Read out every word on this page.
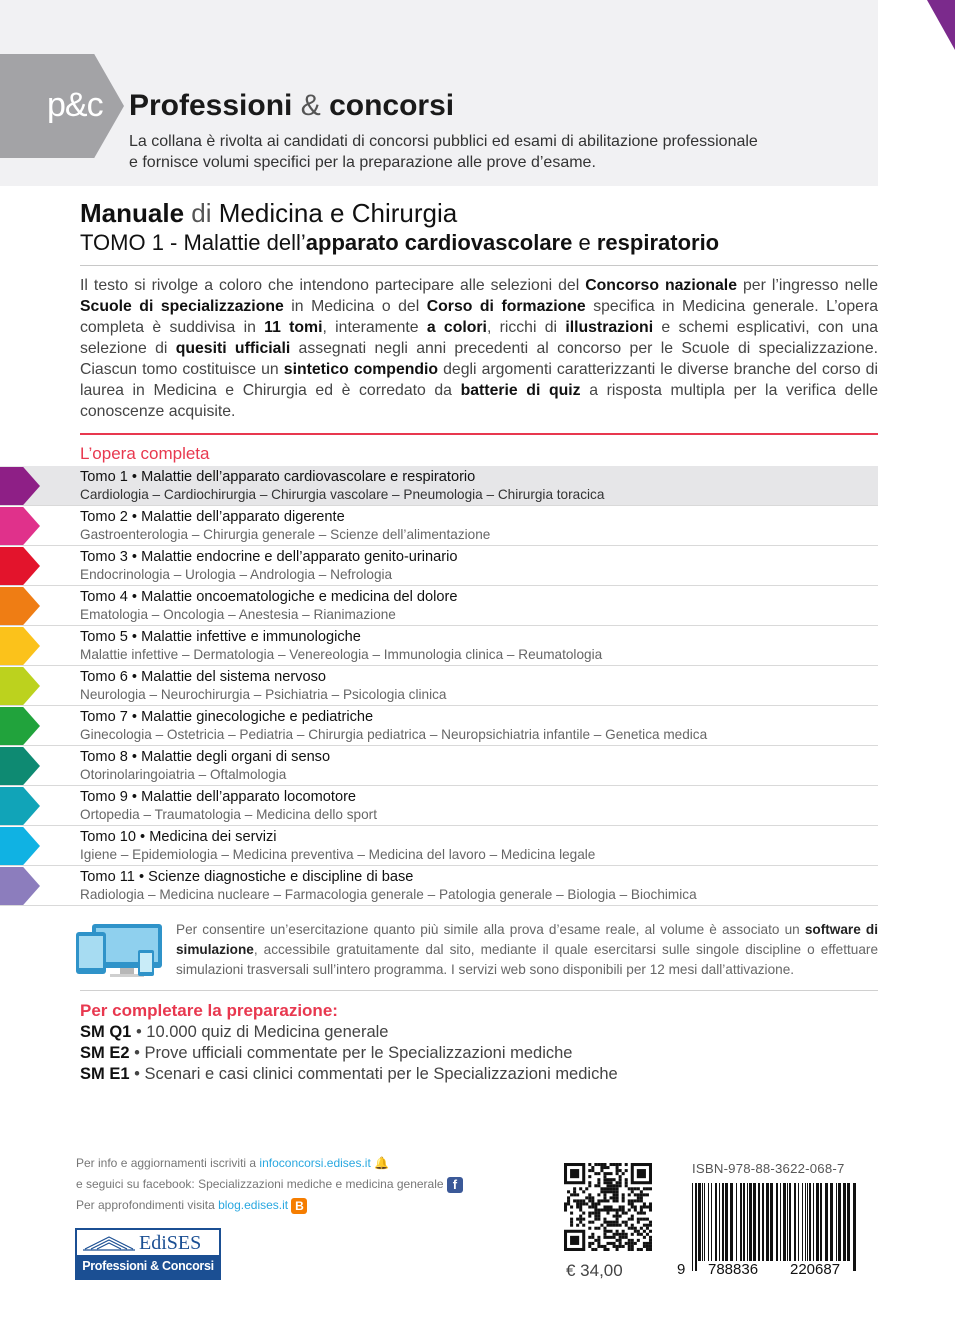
p&c Professioni & concorsi
La collana è rivolta ai candidati di concorsi pubblici ed esami di abilitazione professionale
e fornisce volumi specifici per la preparazione alle prove d’esame.
Manuale di Medicina e Chirurgia
TOMO 1 - Malattie dell’apparato cardiovascolare e respiratorio
Il testo si rivolge a coloro che intendono partecipare alle selezioni del Concorso nazionale per l’ingresso nelle Scuole di specializzazione in Medicina o del Corso di formazione specifica in Medicina generale. L’opera completa è suddivisa in 11 tomi, interamente a colori, ricchi di illustrazioni e schemi esplicativi, con una selezione di quesiti ufficiali assegnati negli anni precedenti al concorso per le Scuole di specializzazione. Ciascun tomo costituisce un sintetico compendio degli argomenti caratterizzanti le diverse branche del corso di laurea in Medicina e Chirurgia ed è corredato da batterie di quiz a risposta multipla per la verifica delle conoscenze acquisite.
L’opera completa
Tomo 1 • Malattie dell’apparato cardiovascolare e respiratorio
Cardiologia – Cardiochirurgia – Chirurgia vascolare – Pneumologia – Chirurgia toracica
Tomo 2 • Malattie dell’apparato digerente
Gastroenterologia – Chirurgia generale – Scienze dell’alimentazione
Tomo 3 • Malattie endocrine e dell’apparato genito-urinario
Endocrinologia – Urologia – Andrologia – Nefrologia
Tomo 4 • Malattie oncoematologiche e medicina del dolore
Ematologia – Oncologia – Anestesia – Rianimazione
Tomo 5 • Malattie infettive e immunologiche
Malattie infettive – Dermatologia – Venereologia – Immunologia clinica – Reumatologia
Tomo 6 • Malattie del sistema nervoso
Neurologia – Neurochirurgia – Psichiatria – Psicologia clinica
Tomo 7 • Malattie ginecologiche e pediatriche
Ginecologia – Ostetricia – Pediatria – Chirurgia pediatrica – Neuropsichiatria infantile – Genetica medica
Tomo 8 • Malattie degli organi di senso
Otorinolaringoiatria – Oftalmologia
Tomo 9 • Malattie dell’apparato locomotore
Ortopedia – Traumatologia – Medicina dello sport
Tomo 10 • Medicina dei servizi
Igiene – Epidemiologia – Medicina preventiva – Medicina del lavoro – Medicina legale
Tomo 11 • Scienze diagnostiche e discipline di base
Radiologia – Medicina nucleare – Farmacologia generale – Patologia generale – Biologia – Biochimica
Per consentire un’esercitazione quanto più simile alla prova d’esame reale, al volume è associato un software di simulazione, accessibile gratuitamente dal sito, mediante il quale esercitarsi sulle singole discipline o effettuare simulazioni trasversali sull’intero programma. I servizi web sono disponibili per 12 mesi dall’attivazione.
Per completare la preparazione:
SM Q1 • 10.000 quiz di Medicina generale
SM E2 • Prove ufficiali commentate per le Specializzazioni mediche
SM E1 • Scenari e casi clinici commentati per le Specializzazioni mediche
Per info e aggiornamenti iscriviti a infoconcorsi.edises.it 🔔
e seguici su facebook: Specializzazioni mediche e medicina generale f
Per approfondimenti visita blog.edises.it B
EdiSES
Professioni & Concorsi	€ 34,00
ISBN-978-88-3622-068-7
9 788836 220687
